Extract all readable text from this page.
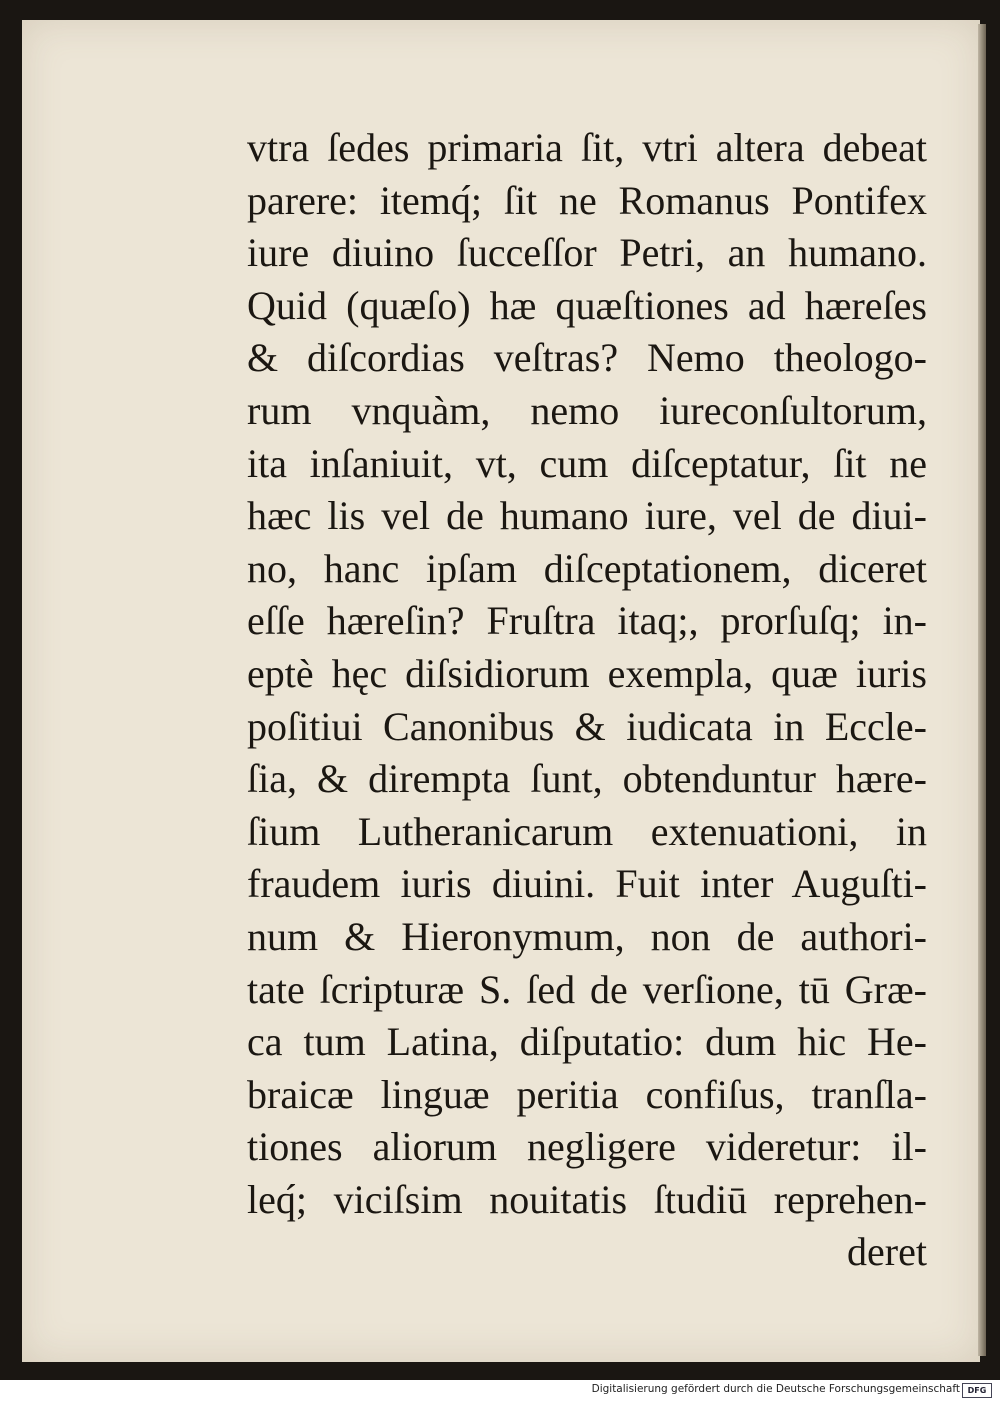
vtra ſedes primaria ſit, vtri altera debeat
parere: itemq́; ſit ne Romanus Pontifex
iure diuino ſucceſſor Petri, an humano.
Quid (quæſo) hæ quæſtiones ad hæreſes
& diſcordias veſtras? Nemo theologo-
rum vnquàm, nemo iureconſultorum,
ita inſaniuit, vt, cum diſceptatur, ſit ne
hæc lis vel de humano iure, vel de diui-
no, hanc ipſam diſceptationem, diceret
eſſe hæreſin? Fruſtra itaq;, prorſuſq; in-
eptè hęc diſsidiorum exempla, quæ iuris
poſitiui Canonibus & iudicata in Eccle-
ſia, & dirempta ſunt, obtenduntur hære-
ſium Lutheranicarum extenuationi, in
fraudem iuris diuini. Fuit inter Auguſti-
num & Hieronymum, non de authori-
tate ſcripturæ S. ſed de verſione, tū Græ-
ca tum Latina, diſputatio: dum hic He-
braicæ linguæ peritia confiſus, tranſla-
tiones aliorum negligere videretur: il-
leq́; viciſsim nouitatis ſtudiū reprehen-
deret
Digitalisierung gefördert durch die Deutsche Forschungsgemeinschaft DFG
